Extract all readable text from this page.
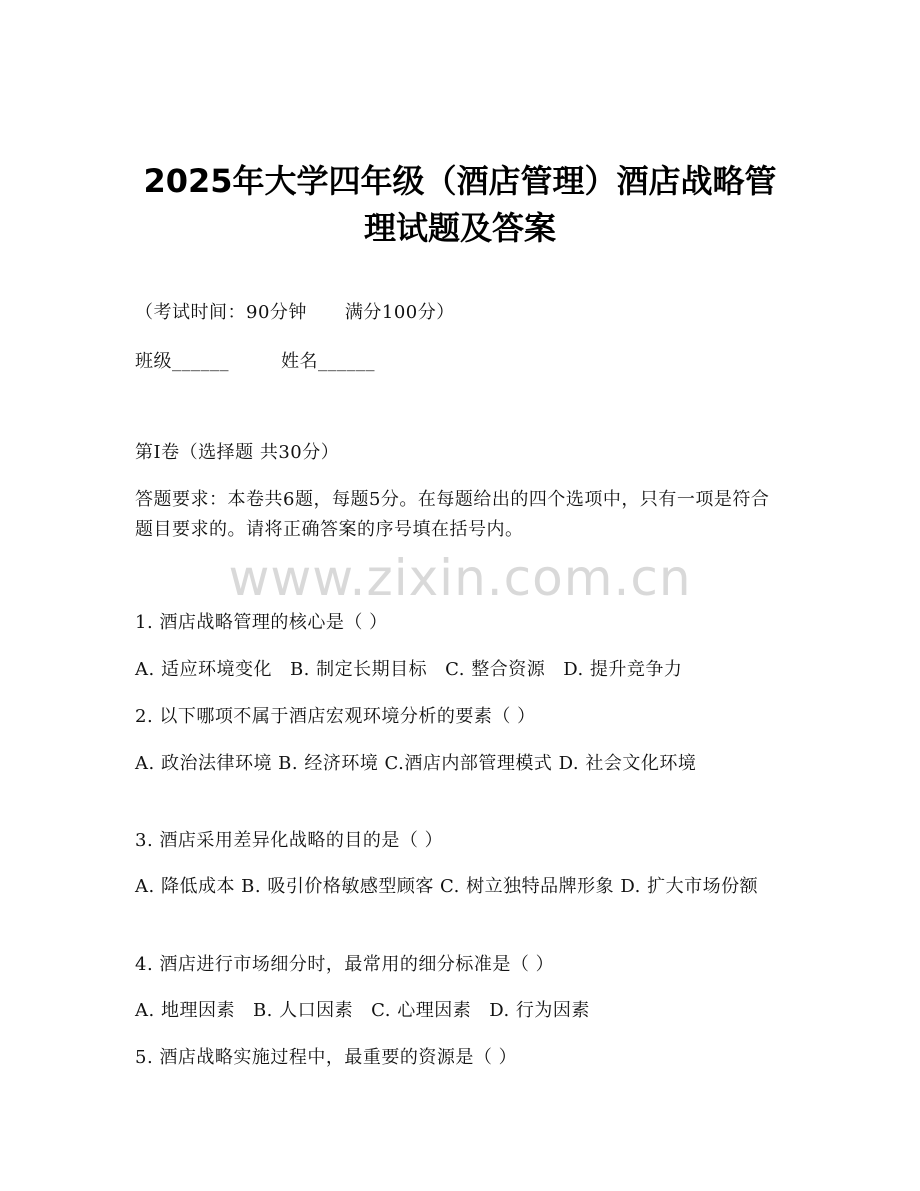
2025年大学四年级（酒店管理）酒店战略管
理试题及答案
（考试时间：90分钟 满分100分）
班级______	姓名______
第I卷（选择题 共30分）
答题要求：本卷共6题，每题5分。在每题给出的四个选项中，只有一项是符合题目要求的。请将正确答案的序号填在括号内。
www.zixin.com.cn
1. 酒店战略管理的核心是（ ）
A. 适应环境变化 B. 制定长期目标 C. 整合资源 D. 提升竞争力
2. 以下哪项不属于酒店宏观环境分析的要素（ ）
A. 政治法律环境 B. 经济环境 C.酒店内部管理模式 D. 社会文化环境
3. 酒店采用差异化战略的目的是（ ）
A. 降低成本 B. 吸引价格敏感型顾客 C. 树立独特品牌形象 D. 扩大市场份额
4. 酒店进行市场细分时，最常用的细分标准是（ ）
A. 地理因素 B. 人口因素 C. 心理因素 D. 行为因素
5. 酒店战略实施过程中，最重要的资源是（ ）
